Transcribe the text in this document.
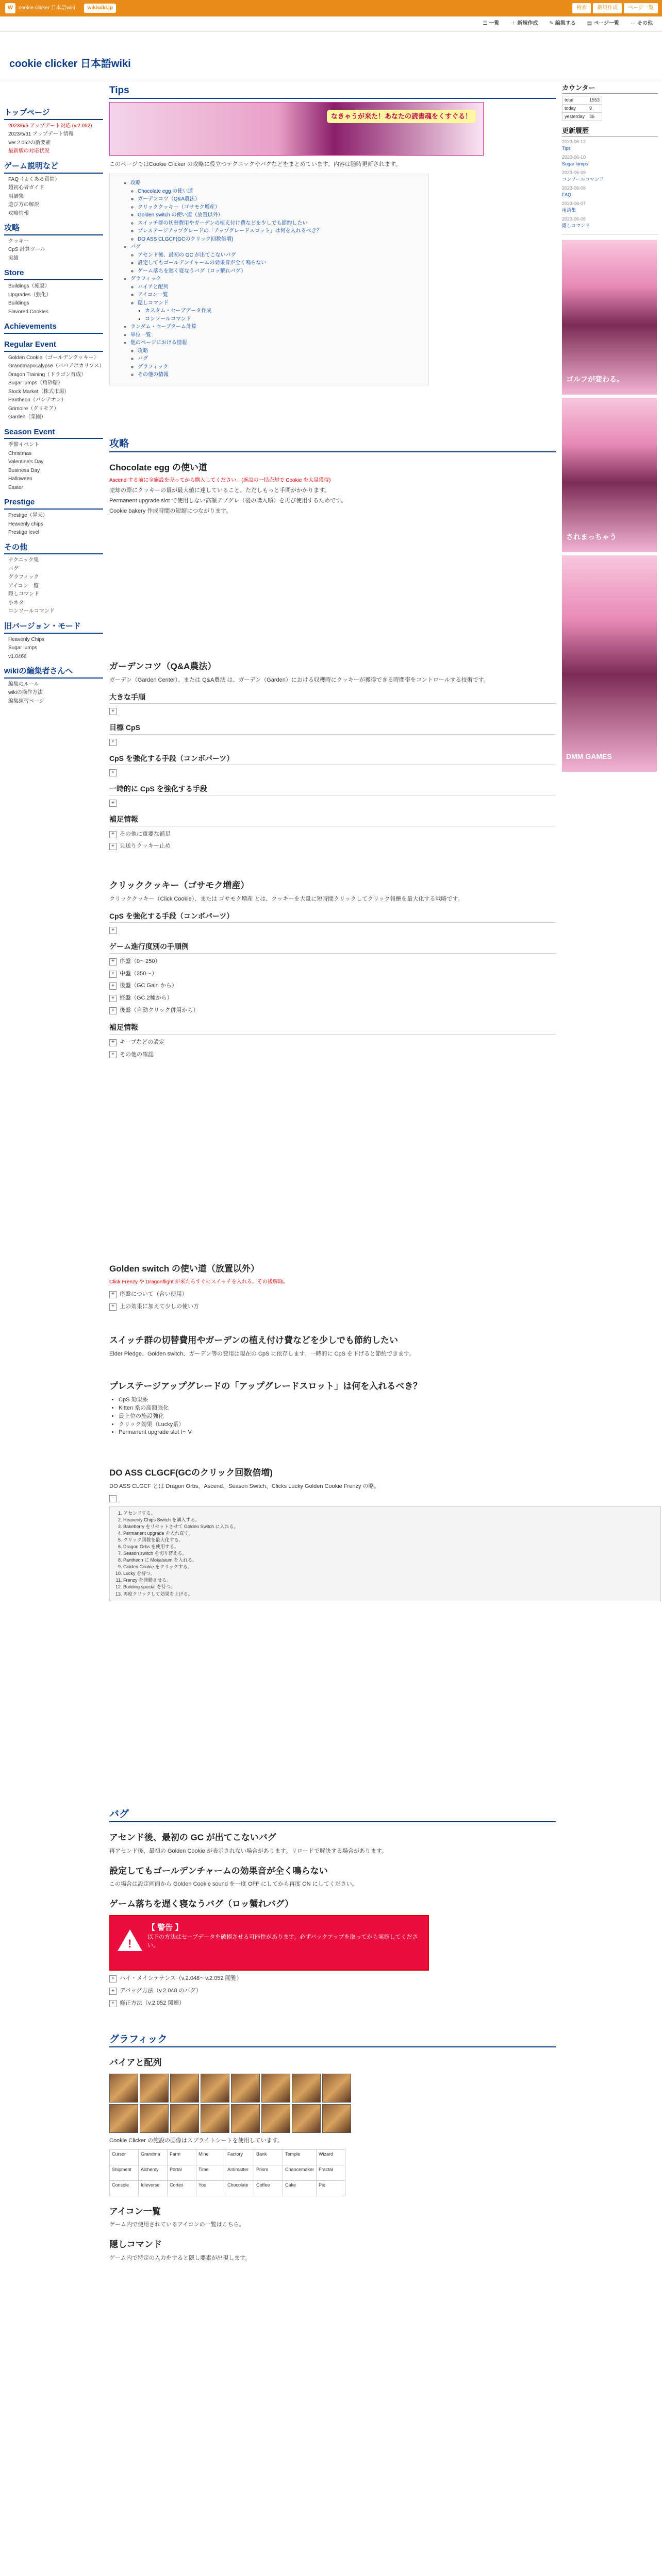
W	cookie clicker 日本語wiki	wikiwiki.jp	検索	新規作成	ページ一覧
☰ 一覧 ＋ 新規作成 ✎ 編集する ▤ ページ一覧 ⋯ その他
cookie clicker 日本語wiki
トップページ
2023/6/5 アップデート対応 (v.2.052)
2023/5/31 アップデート情報
Ver.2.052の新要素
最新版の対応状況
ゲーム説明など
FAQ（よくある質問）
超初心者ガイド
用語集
遊び方の解説
攻略情報
攻略
クッキー
CpS 計算ツール
実績
Store
Buildings（施設）
Upgrades（強化）
Buildings
Flavored Cookies
Achievements
Regular Event
Golden Cookie（ゴールデンクッキー）
Grandmapocalypse（ババアポカリプス）
Dragon Training（ドラゴン育成）
Sugar lumps（角砂糖）
Stock Market（株式市場）
Pantheon（パンテオン）
Grimoire（グリモア）
Garden（菜園）
Season Event
季節イベント
Christmas
Valentine's Day
Business Day
Halloween
Easter
Prestige
Prestige（昇天）
Heavenly chips
Prestige level
その他
テクニック集
バグ
グラフィック
アイコン一覧
隠しコマンド
小ネタ
コンソールコマンド
旧バージョン・モード
Heavenly Chips
Sugar lumps
v1.0466
wikiの編集者さんへ
編集のルール
wikiの操作方法
編集練習ページ
Tips
なきゃうが来た！あなたの読書魂をくすぐる！

このページではCookie Clicker の攻略に役立つテクニックやバグなどをまとめています。内容は随時更新されます。

• 攻略
◦ Chocolate egg の使い道
◦ ガーデンコツ（Q&A農法）
◦ クリッククッキー（ゴサモク増産）
◦ Golden switch の使い道（放置以外）
◦ スイッチ群の切替費用やガーデンの植え付け費などを少しでも節約したい
◦ プレステージアップグレードの「アップグレードスロット」は何を入れるべき？
◦ DO ASS CLGCF(GCのクリック回数倍増)
• バグ
◦ アセンド後、最初の GC が出てこないバグ
◦ 設定してもゴールデンチャームの効果音が全く鳴らない
◦ ゲーム落ちを遅く寝なうバグ（ロッ蟹れバグ）
• グラフィック
◦ バイアと配列
◦ アイコン一覧
◦ 隠しコマンド
▪ カスタム・セーブデータ作成
▪ コンソールコマンド
• ランダム・セーブターム計算
• 単位一覧
• 他のページにおける情報
◦ 攻略
◦ バグ
◦ グラフィック
◦ その他の情報
攻略
Chocolate egg の使い道

Ascend する前に全施設を売ってから購入してください。(施設の一括売却で Cookie を大量獲得)

売却の際にクッキーの量が最大値に達していること。ただしもっと手間がかかります。

Permanent upgrade slot で使用しない高額アプグレ（後の購入順）を再び使用するためです。

Cookie bakery 作成時間の短縮につながります。

ガーデンコツ（Q&A農法）

ガーデン（Garden Center）、または Q&A農法 は、ガーデン（Garden）における収穫時にクッキーが獲得できる時間帯をコントロールする技術です。

大きな手順
+
目標 CpS
+
CpS を強化する手段（コンボパーツ）
+
一時的に CpS を強化する手段
+
補足情報
+ その他に重要な補足
+ 見送りクッキー止め
クリッククッキー（ゴサモク増産）

クリッククッキー（Click Cookie）、または ゴサモク増産 とは、クッキーを大量に短時間クリックしてクリック報酬を最大化する戦略です。

CpS を強化する手段（コンボパーツ）
+
ゲーム進行度別の手順例
+ 序盤（0〜250）
+ 中盤（250〜）
+ 後盤（GC Gain から）
+ 終盤（GC 2種から）
+ 後盤（自動クリック併用から）
補足情報
+ キーブなどの設定
+ その他の確認
Golden switch の使い道（放置以外）

Click Frenzy や Dragonflight が来たらすぐにスイッチを入れる。その後解除。

+ 序盤について（合い使用）
+ 上の効果に加えて少しの使い方
スイッチ群の切替費用やガーデンの植え付け費などを少しでも節約したい

Elder Pledge、Golden switch、ガーデン等の費用は現在の CpS に依存します。一時的に CpS を下げると節約できます。

プレステージアップグレードの「アップグレードスロット」は何を入れるべき？
• CpS 効果系
• Kitten 系の高額強化
• 最上位の施設強化
• クリック効果（Lucky系）
• Permanent upgrade slot I〜V
DO ASS CLGCF(GCのクリック回数倍増)

DO ASS CLGCF とは Dragon Orbs、Ascend、Season Switch、Clicks Lucky Golden Cookie Frenzy の略。

−
1. アセンドする。
2. Heavenly Chips Switch を購入する。
3. Bakeberry をリセットさせて Golden Switch に入れる。
4. Permanent upgrade を入れ直す。
5. クリック回数を最大化する。
6. Dragon Orbs を使用する。
7. Season switch を切り替える。
8. Pantheon に Mokalsium を入れる。
9. Golden Cookie をクリックする。
10. Lucky を待つ。
11. Frenzy を発動させる。
12. Building special を待つ。
13. 再度クリックして効果を上げる。
バグ
アセンド後、最初の GC が出てこないバグ

再アセンド後、最初の Golden Cookie が表示されない場合があります。リロードで解決する場合があります。

設定してもゴールデンチャームの効果音が全く鳴らない

この場合は設定画面から Golden Cookie sound を一度 OFF にしてから再度 ON にしてください。

ゲーム落ちを遅く寝なうバグ（ロッ蟹れバグ）
!
【 警告 】
以下の方法はセーブデータを破損させる可能性があります。必ずバックアップを取ってから実施してください。
+ ハイ・メインテナンス（v.2.048〜v.2.052 閲覧）
+ デバッグ方法（v.2.048 のバグ）
+ 修正方法（v.2.052 関連）
グラフィック
バイアと配列

Cookie Clicker の施設の画像はスプライトシートを使用しています。

Cursor	Grandma	Farm	Mine	Factory	Bank	Temple	Wizard
Shipment	Alchemy	Portal	Time	Antimatter	Prism	Chancemaker	Fractal
Console	Idleverse	Cortex	You	Chocolate	Coffee	Cake	Pie
アイコン一覧

ゲーム内で使用されているアイコンの一覧はこちら。

隠しコマンド

ゲーム内で特定の入力をすると隠し要素が出現します。

カウンター
total	1553
today	9
yesterday	36
更新履歴
2023-06-12
Tips
2023-06-10
Sugar lumps
2023-06-09
コンソールコマンド
2023-06-08
FAQ
2023-06-07
用語集
2023-06-06
隠しコマンド
ゴルフが変わる。
されまっちゃう
DMM GAMES
